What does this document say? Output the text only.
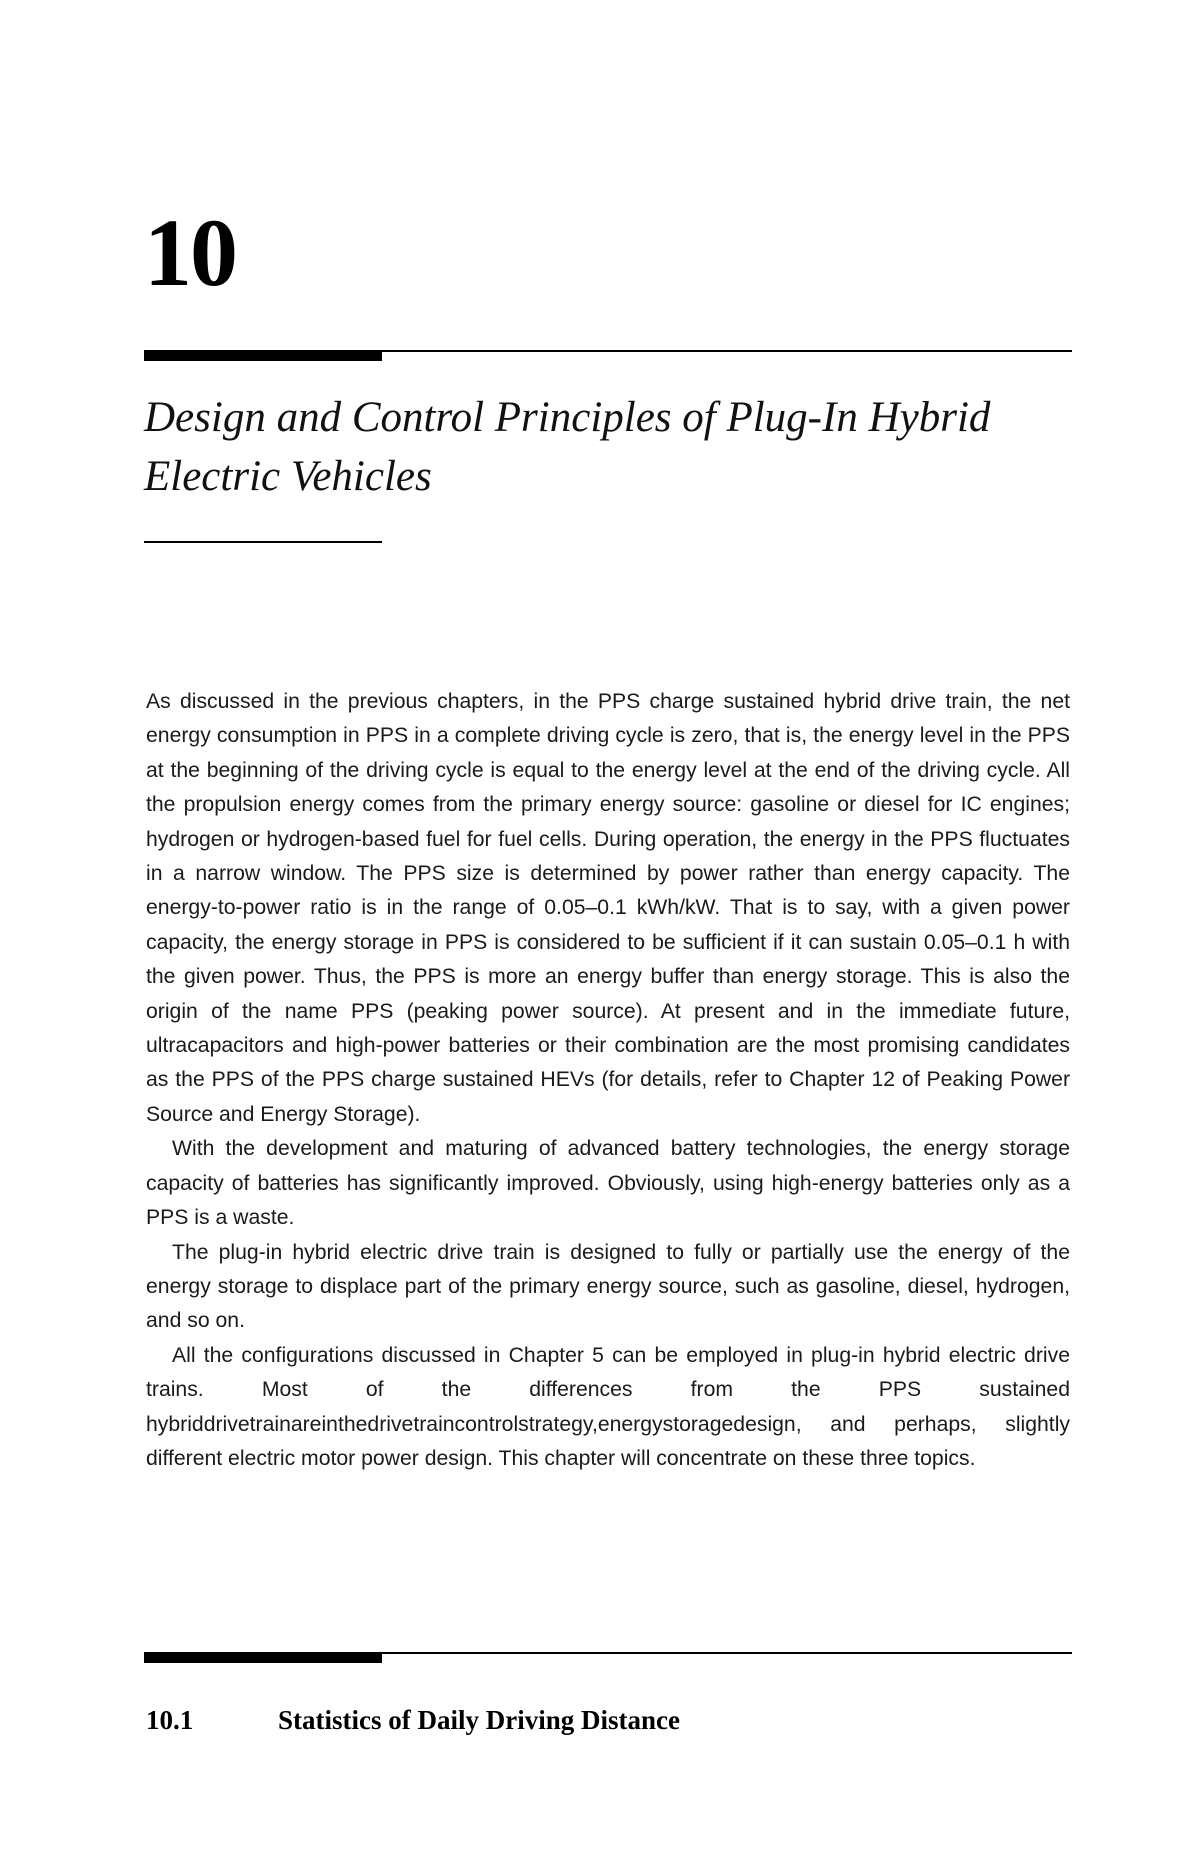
10
Design and Control Principles of Plug-In Hybrid Electric Vehicles

As discussed in the previous chapters, in the PPS charge sustained hybrid drive train, the net energy consumption in PPS in a complete driving cycle is zero, that is, the energy level in the PPS at the beginning of the driving cycle is equal to the energy level at the end of the driving cycle. All the propulsion energy comes from the primary energy source: gasoline or diesel for IC engines; hydrogen or hydrogen-based fuel for fuel cells. During operation, the energy in the PPS fluctuates in a narrow window. The PPS size is determined by power rather than energy capacity. The energy-to-power ratio is in the range of 0.05–0.1 kWh/kW. That is to say, with a given power capacity, the energy storage in PPS is considered to be sufficient if it can sustain 0.05–0.1 h with the given power. Thus, the PPS is more an energy buffer than energy storage. This is also the origin of the name PPS (peaking power source). At present and in the immediate future, ultracapacitors and high-power batteries or their combination are the most promising candidates as the PPS of the PPS charge sustained HEVs (for details, refer to Chapter 12 of Peaking Power Source and Energy Storage).

With the development and maturing of advanced battery technologies, the energy storage capacity of batteries has significantly improved. Obviously, using high-energy batteries only as a PPS is a waste.

The plug-in hybrid electric drive train is designed to fully or partially use the energy of the energy storage to displace part of the primary energy source, such as gasoline, diesel, hydrogen, and so on.

All the configurations discussed in Chapter 5 can be employed in plug-in hybrid electric drive trains. Most of the differences from the PPS sustained hybriddrivetrainareinthedrivetraincontrolstrategy,energystoragedesign, and perhaps, slightly different electric motor power design. This chapter will concentrate on these three topics.

10.1	Statistics of Daily Driving Distance
